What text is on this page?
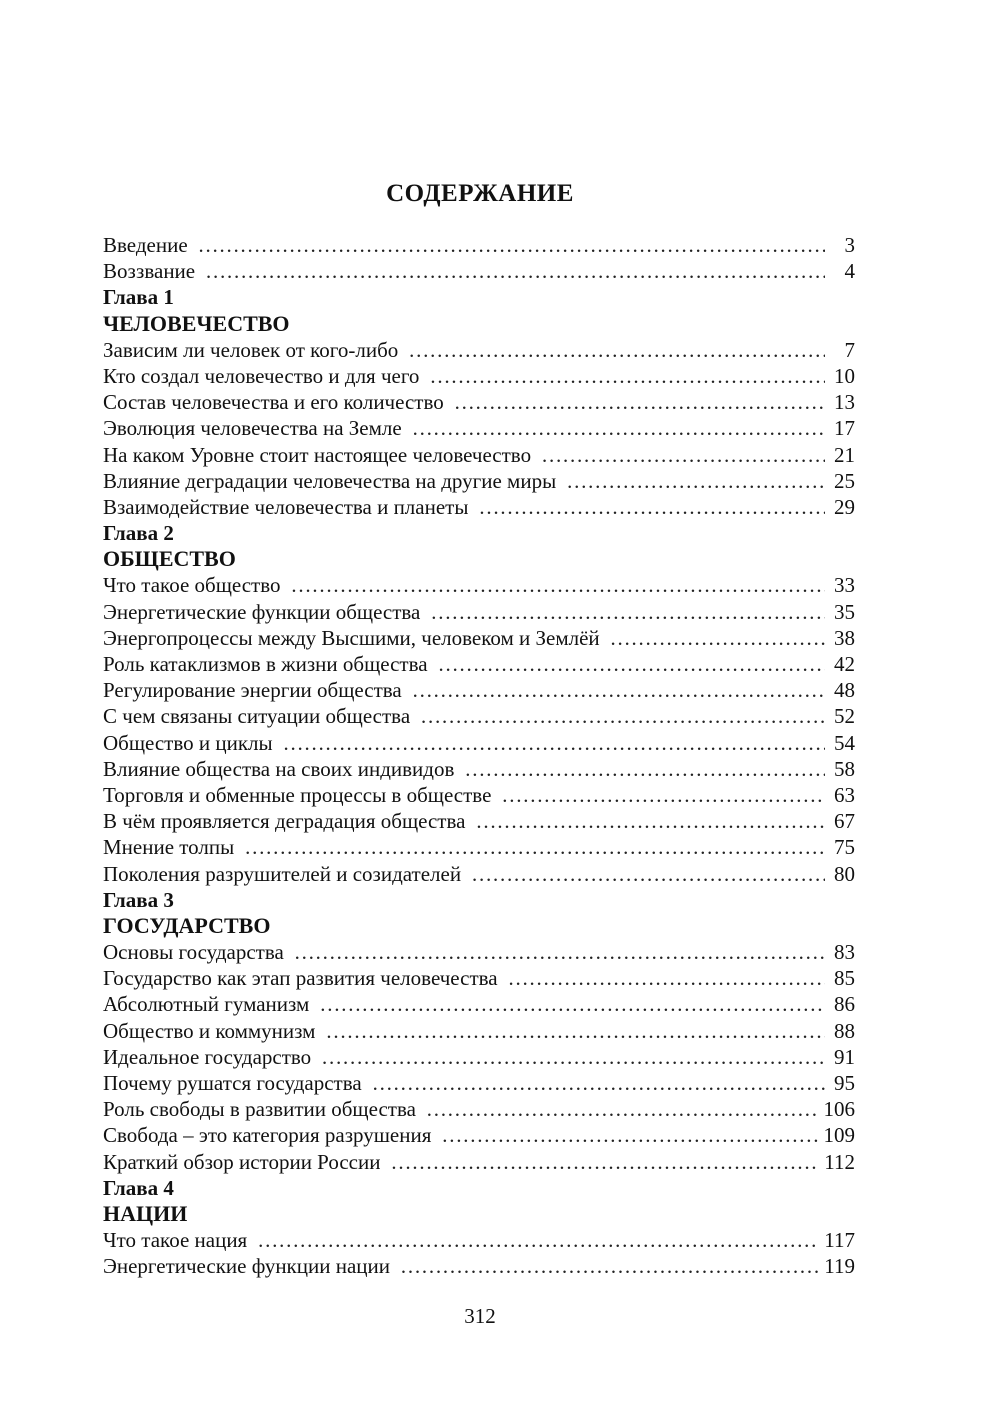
СОДЕРЖАНИЕ
Введение ……………………………………………………………………………………………………………………………………………………………………	3
Воззвание ……………………………………………………………………………………………………………………………………………………………………	4
Глава 1
ЧЕЛОВЕЧЕСТВО
Зависим ли человек от кого-либо ……………………………………………………………………………………………………………………………………………………………………	7
Кто создал человечество и для чего ……………………………………………………………………………………………………………………………………………………………………	10
Состав человечества и его количество ……………………………………………………………………………………………………………………………………………………………………	13
Эволюция человечества на Земле ……………………………………………………………………………………………………………………………………………………………………	17
На каком Уровне стоит настоящее человечество ……………………………………………………………………………………………………………………………………………………………………	21
Влияние деградации человечества на другие миры ……………………………………………………………………………………………………………………………………………………………………	25
Взаимодействие человечества и планеты ……………………………………………………………………………………………………………………………………………………………………	29
Глава 2
ОБЩЕСТВО
Что такое общество ……………………………………………………………………………………………………………………………………………………………………	33
Энергетические функции общества ……………………………………………………………………………………………………………………………………………………………………	35
Энергопроцессы между Высшими, человеком и Землёй ……………………………………………………………………………………………………………………………………………………………………	38
Роль катаклизмов в жизни общества ……………………………………………………………………………………………………………………………………………………………………	42
Регулирование энергии общества ……………………………………………………………………………………………………………………………………………………………………	48
С чем связаны ситуации общества ……………………………………………………………………………………………………………………………………………………………………	52
Общество и циклы ……………………………………………………………………………………………………………………………………………………………………	54
Влияние общества на своих индивидов ……………………………………………………………………………………………………………………………………………………………………	58
Торговля и обменные процессы в обществе ……………………………………………………………………………………………………………………………………………………………………	63
В чём проявляется деградация общества ……………………………………………………………………………………………………………………………………………………………………	67
Мнение толпы ……………………………………………………………………………………………………………………………………………………………………	75
Поколения разрушителей и созидателей ……………………………………………………………………………………………………………………………………………………………………	80
Глава 3
ГОСУДАРСТВО
Основы государства ……………………………………………………………………………………………………………………………………………………………………	83
Государство как этап развития человечества ……………………………………………………………………………………………………………………………………………………………………	85
Абсолютный гуманизм ……………………………………………………………………………………………………………………………………………………………………	86
Общество и коммунизм ……………………………………………………………………………………………………………………………………………………………………	88
Идеальное государство ……………………………………………………………………………………………………………………………………………………………………	91
Почему рушатся государства ……………………………………………………………………………………………………………………………………………………………………	95
Роль свободы в развитии общества ……………………………………………………………………………………………………………………………………………………………………	106
Свобода – это категория разрушения ……………………………………………………………………………………………………………………………………………………………………	109
Краткий обзор истории России ……………………………………………………………………………………………………………………………………………………………………	112
Глава 4
НАЦИИ
Что такое нация ……………………………………………………………………………………………………………………………………………………………………	117
Энергетические функции нации ……………………………………………………………………………………………………………………………………………………………………	119
312
